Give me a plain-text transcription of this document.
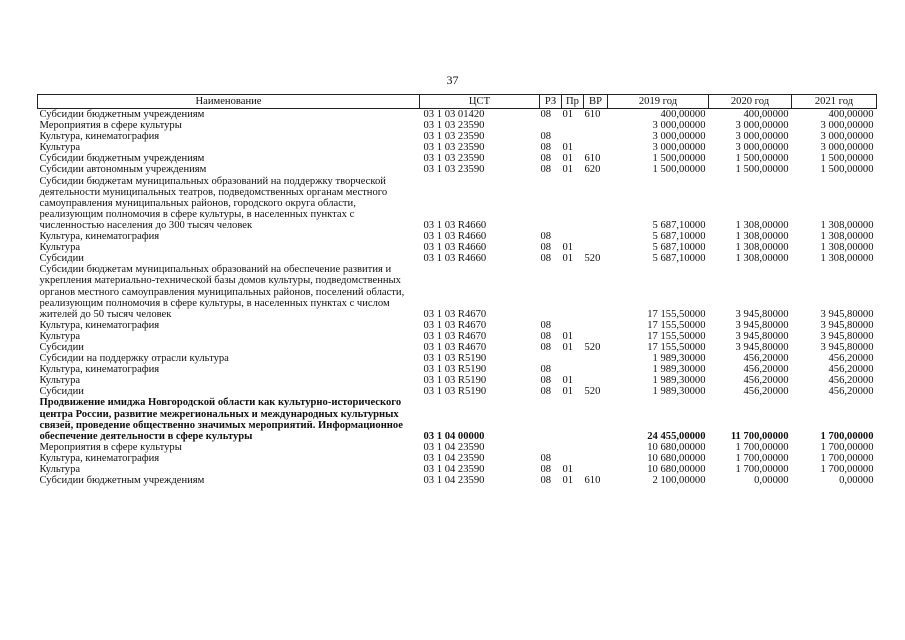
37
Наименование	ЦСТ	РЗ	Пр	ВР	2019 год	2020 год	2021 год
Субсидии бюджетным учреждениям	03 1 03 01420	08	01	610	400,00000	400,00000	400,00000
Мероприятия в сфере культуры	03 1 03 23590				3 000,00000	3 000,00000	3 000,00000
Культура, кинематография	03 1 03 23590	08			3 000,00000	3 000,00000	3 000,00000
Культура	03 1 03 23590	08	01		3 000,00000	3 000,00000	3 000,00000
Субсидии бюджетным учреждениям	03 1 03 23590	08	01	610	1 500,00000	1 500,00000	1 500,00000
Субсидии автономным учреждениям	03 1 03 23590	08	01	620	1 500,00000	1 500,00000	1 500,00000
Субсидии бюджетам муниципальных образований на поддержку творческой деятельности муниципальных театров, подведомственных органам местного самоуправления муниципальных районов, городского округа области, реализующим полномочия в сфере культуры, в населенных пунктах с численностью населения до 300 тысяч человек	03 1 03 R4660				5 687,10000	1 308,00000	1 308,00000
Культура, кинематография	03 1 03 R4660	08			5 687,10000	1 308,00000	1 308,00000
Культура	03 1 03 R4660	08	01		5 687,10000	1 308,00000	1 308,00000
Субсидии	03 1 03 R4660	08	01	520	5 687,10000	1 308,00000	1 308,00000
Субсидии бюджетам муниципальных образований на обеспечение развития и укрепления материально-технической базы домов культуры, подведомственных органов местного самоуправления муниципальных районов, поселений области, реализующим полномочия в сфере культуры, в населенных пунктах с числом жителей до 50 тысяч человек	03 1 03 R4670				17 155,50000	3 945,80000	3 945,80000
Культура, кинематография	03 1 03 R4670	08			17 155,50000	3 945,80000	3 945,80000
Культура	03 1 03 R4670	08	01		17 155,50000	3 945,80000	3 945,80000
Субсидии	03 1 03 R4670	08	01	520	17 155,50000	3 945,80000	3 945,80000
Субсидии на поддержку отрасли культура	03 1 03 R5190				1 989,30000	456,20000	456,20000
Культура, кинематография	03 1 03 R5190	08			1 989,30000	456,20000	456,20000
Культура	03 1 03 R5190	08	01		1 989,30000	456,20000	456,20000
Субсидии	03 1 03 R5190	08	01	520	1 989,30000	456,20000	456,20000
Продвижение имиджа Новгородской области как культурно-исторического центра России, развитие межрегиональных и международных культурных связей, проведение общественно значимых мероприятий. Информационное обеспечение деятельности в сфере культуры	03 1 04 00000				24 455,00000	11 700,00000	1 700,00000
Мероприятия в сфере культуры	03 1 04 23590				10 680,00000	1 700,00000	1 700,00000
Культура, кинематография	03 1 04 23590	08			10 680,00000	1 700,00000	1 700,00000
Культура	03 1 04 23590	08	01		10 680,00000	1 700,00000	1 700,00000
Субсидии бюджетным учреждениям	03 1 04 23590	08	01	610	2 100,00000	0,00000	0,00000
